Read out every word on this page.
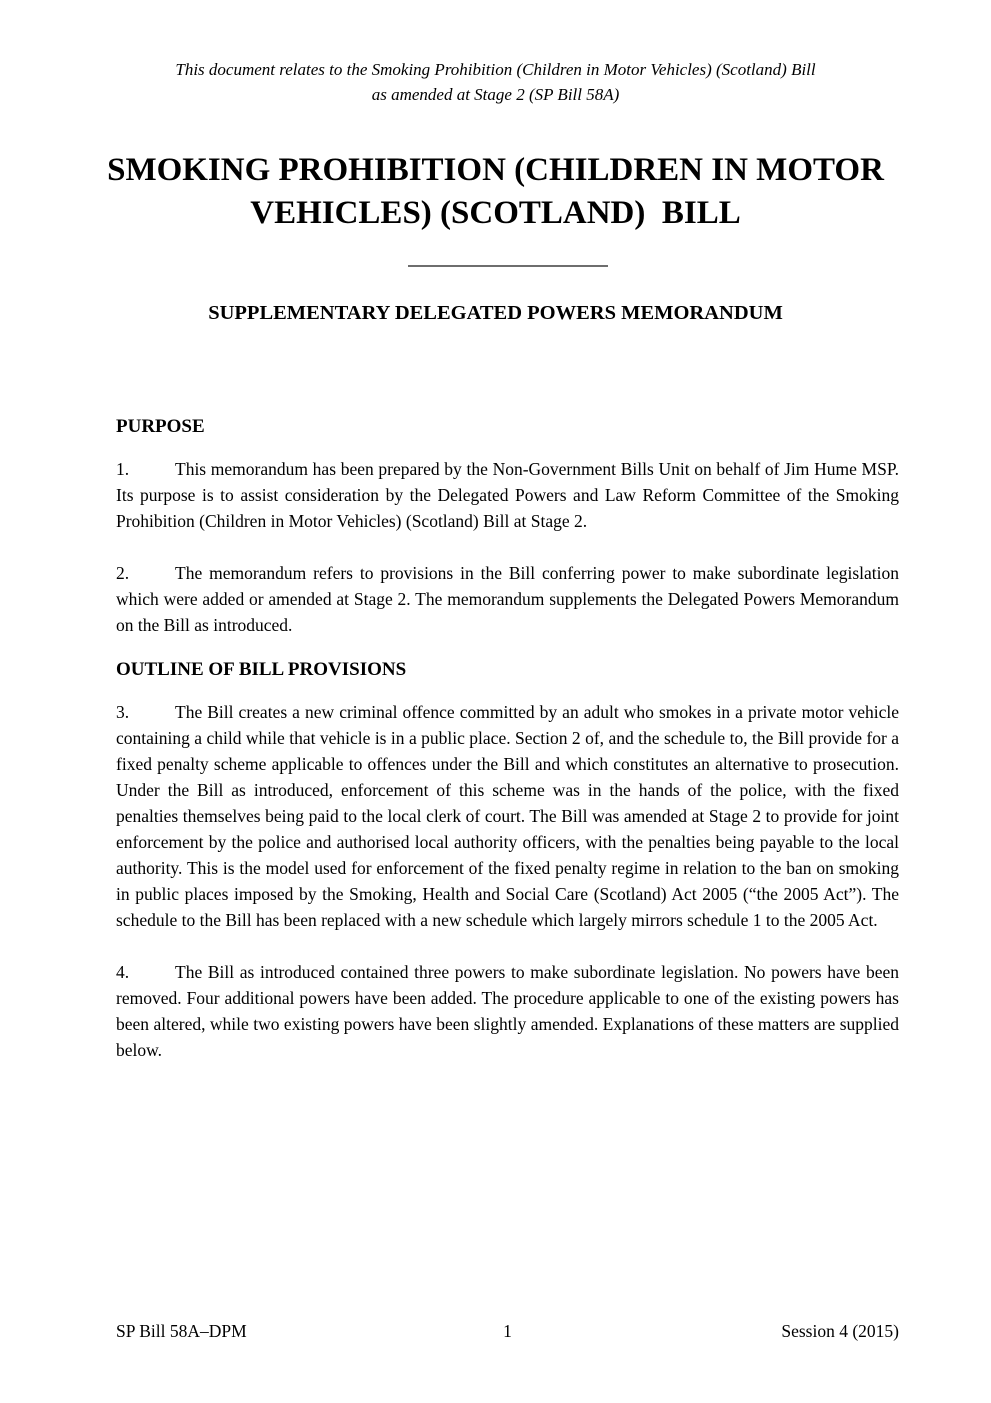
This document relates to the Smoking Prohibition (Children in Motor Vehicles) (Scotland) Bill
as amended at Stage 2 (SP Bill 58A)
SMOKING PROHIBITION (CHILDREN IN MOTOR
VEHICLES) (SCOTLAND)  BILL
SUPPLEMENTARY DELEGATED POWERS MEMORANDUM
PURPOSE
1.	This memorandum has been prepared by the Non-Government Bills Unit on behalf of Jim Hume MSP. Its purpose is to assist consideration by the Delegated Powers and Law Reform Committee of the Smoking Prohibition (Children in Motor Vehicles) (Scotland) Bill at Stage 2.
2.	The memorandum refers to provisions in the Bill conferring power to make subordinate legislation which were added or amended at Stage 2. The memorandum supplements the Delegated Powers Memorandum on the Bill as introduced.
OUTLINE OF BILL PROVISIONS
3.	The Bill creates a new criminal offence committed by an adult who smokes in a private motor vehicle containing a child while that vehicle is in a public place. Section 2 of, and the schedule to, the Bill provide for a fixed penalty scheme applicable to offences under the Bill and which constitutes an alternative to prosecution. Under the Bill as introduced, enforcement of this scheme was in the hands of the police, with the fixed penalties themselves being paid to the local clerk of court. The Bill was amended at Stage 2 to provide for joint enforcement by the police and authorised local authority officers, with the penalties being payable to the local authority. This is the model used for enforcement of the fixed penalty regime in relation to the ban on smoking in public places imposed by the Smoking, Health and Social Care (Scotland) Act 2005 (“the 2005 Act”). The schedule to the Bill has been replaced with a new schedule which largely mirrors schedule 1 to the 2005 Act.
4.	The Bill as introduced contained three powers to make subordinate legislation. No powers have been removed. Four additional powers have been added. The procedure applicable to one of the existing powers has been altered, while two existing powers have been slightly amended. Explanations of these matters are supplied below.
SP Bill 58A–DPM	1	Session 4 (2015)
